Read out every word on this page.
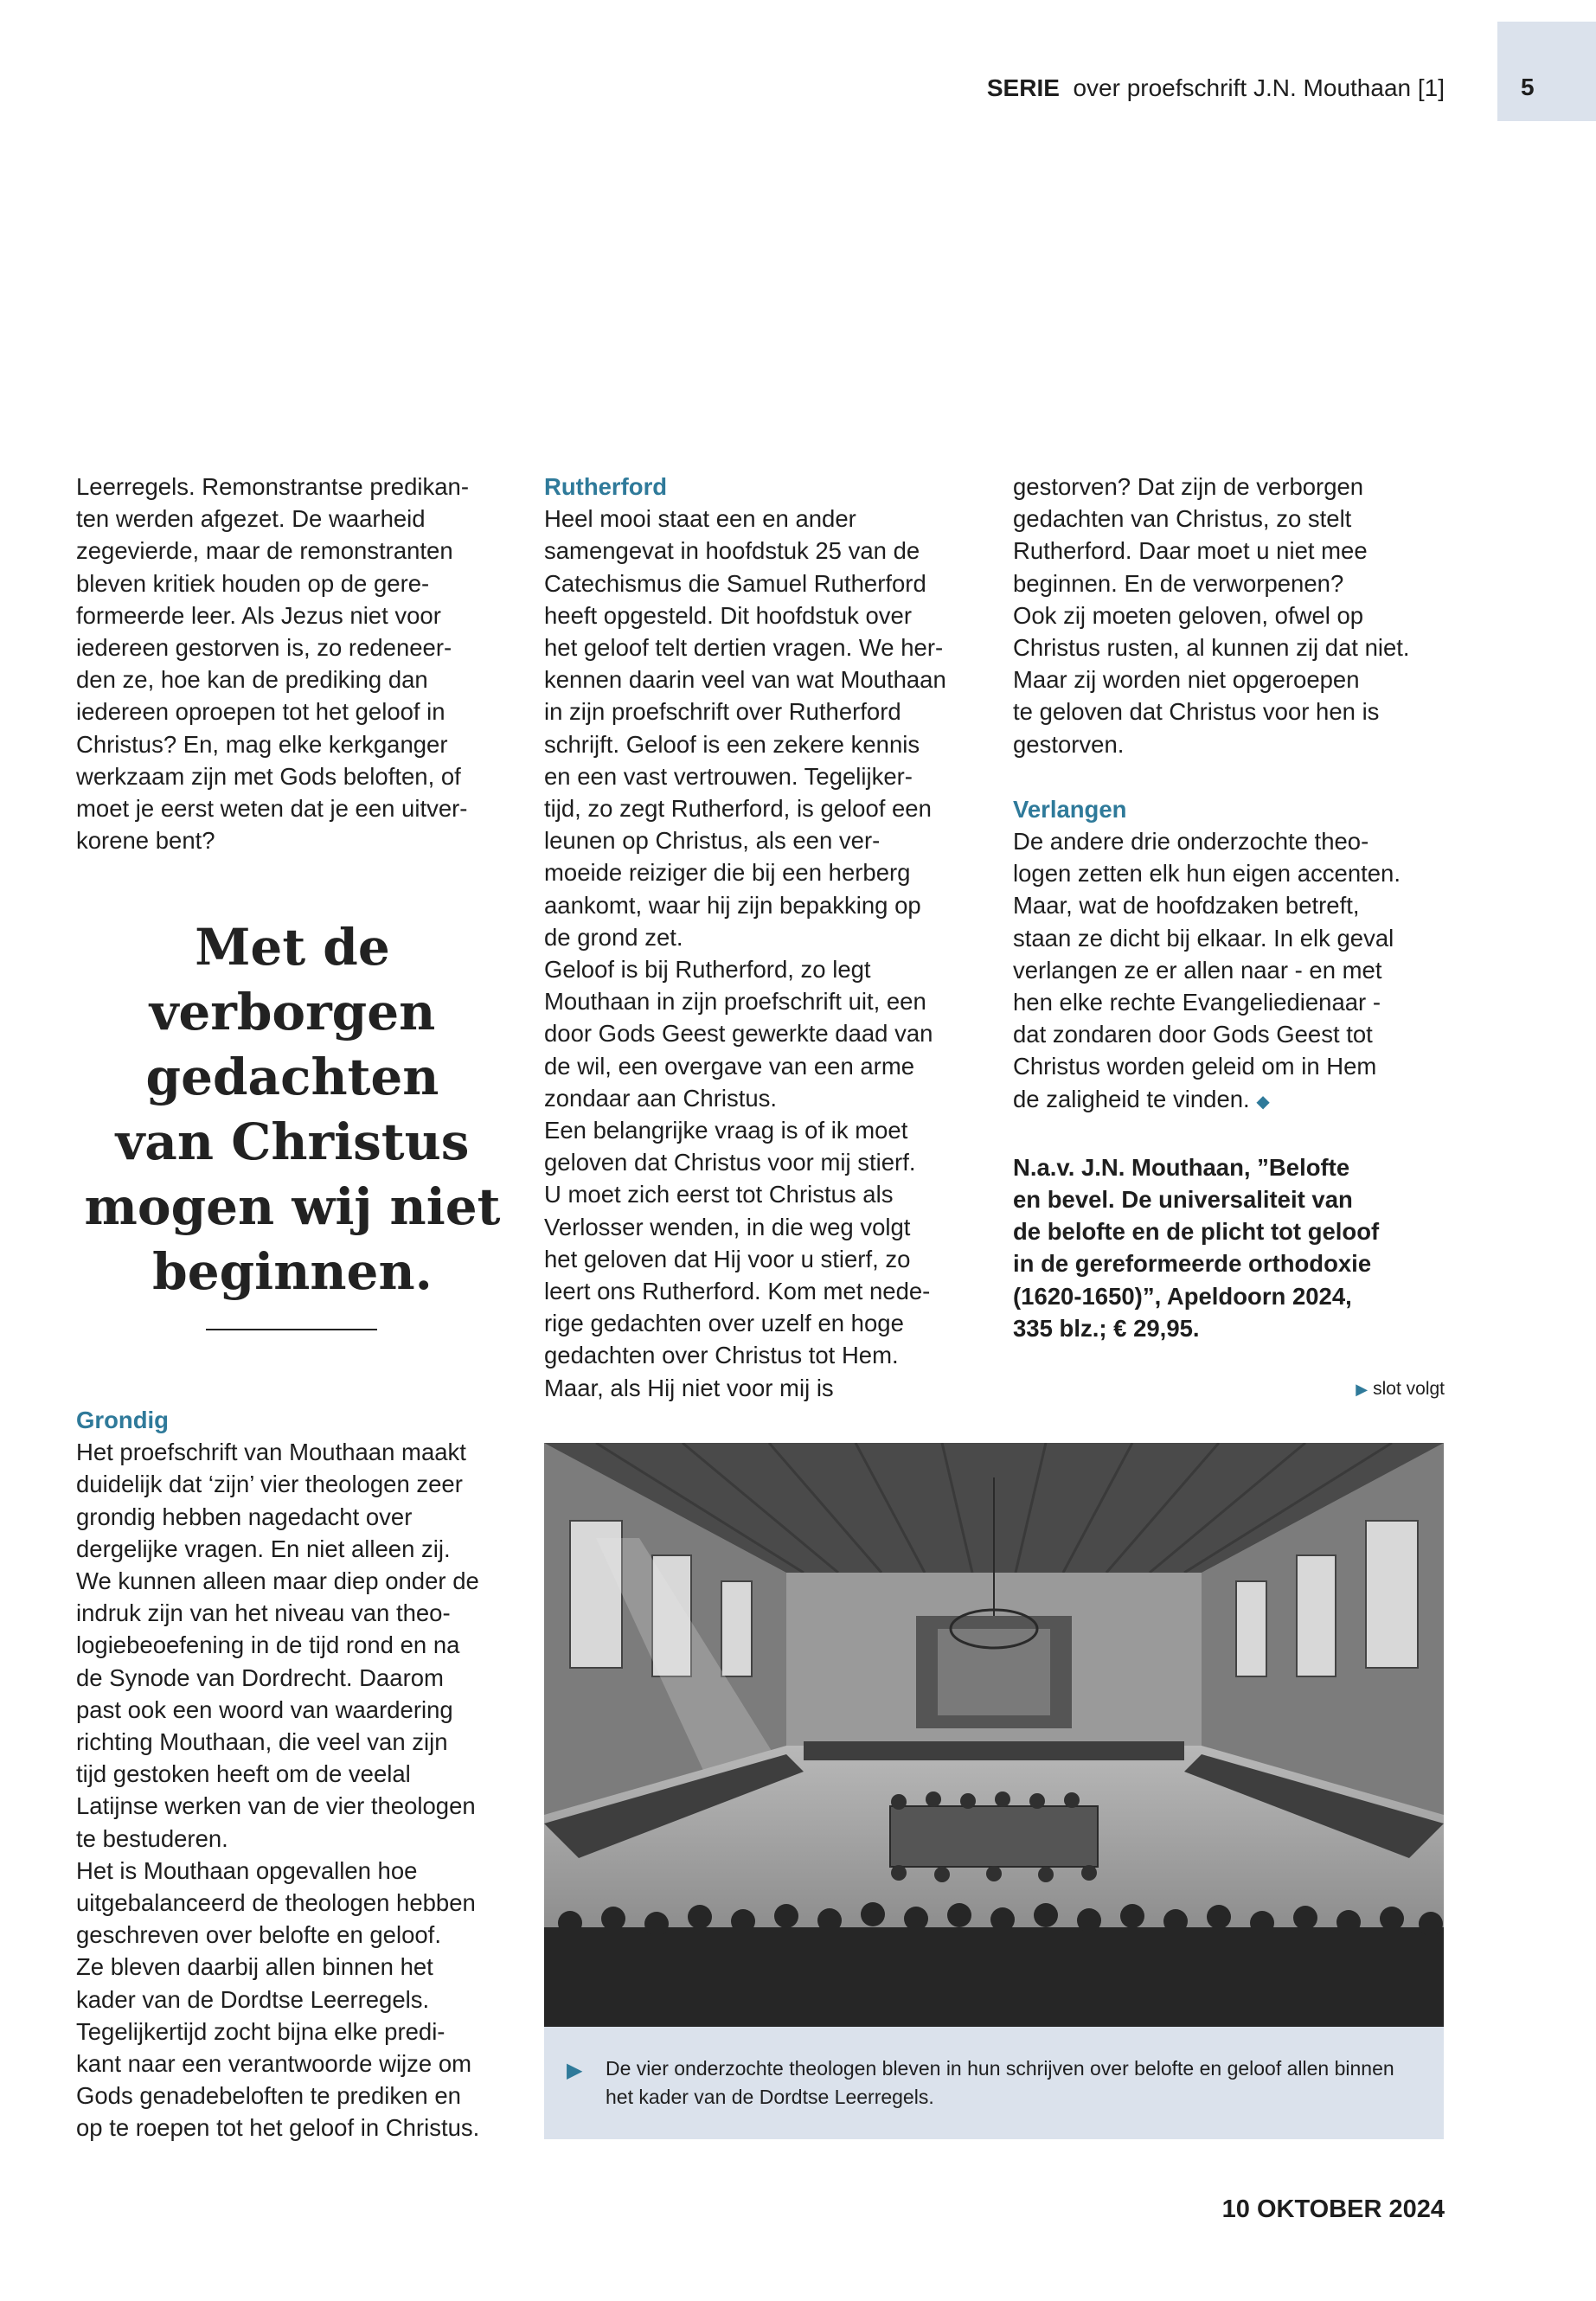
SERIE over proefschrift J.N. Mouthaan [1]	5

Leerregels. Remonstrantse predikan-

ten werden afgezet. De waarheid

zegevierde, maar de remonstranten

bleven kritiek houden op de gere-

formeerde leer. Als Jezus niet voor

iedereen gestorven is, zo redeneer-

den ze, hoe kan de prediking dan

iedereen oproepen tot het geloof in

Christus? En, mag elke kerkganger

werkzaam zijn met Gods beloften, of

moet je eerst weten dat je een uitver-

korene bent?

Met de
verborgen
gedachten
van Christus
mogen wij niet
beginnen.

Grondig

Het proefschrift van Mouthaan maakt

duidelijk dat ‘zijn’ vier theologen zeer

grondig hebben nagedacht over

dergelijke vragen. En niet alleen zij.

We kunnen alleen maar diep onder de

indruk zijn van het niveau van theo-

logiebeoefening in de tijd rond en na

de Synode van Dordrecht. Daarom

past ook een woord van waardering

richting Mouthaan, die veel van zijn

tijd gestoken heeft om de veelal

Latijnse werken van de vier theologen

te bestuderen.

Het is Mouthaan opgevallen hoe

uitgebalanceerd de theologen hebben

geschreven over belofte en geloof.

Ze bleven daarbij allen binnen het

kader van de Dordtse Leerregels.

Tegelijkertijd zocht bijna elke predi-

kant naar een verantwoorde wijze om

Gods genadebeloften te prediken en

op te roepen tot het geloof in Christus.

Rutherford

Heel mooi staat een en ander

samengevat in hoofdstuk 25 van de

Catechismus die Samuel Rutherford

heeft opgesteld. Dit hoofdstuk over

het geloof telt dertien vragen. We her-

kennen daarin veel van wat Mouthaan

in zijn proefschrift over Rutherford

schrijft. Geloof is een zekere kennis

en een vast vertrouwen. Tegelijker-

tijd, zo zegt Rutherford, is geloof een

leunen op Christus, als een ver-

moeide reiziger die bij een herberg

aankomt, waar hij zijn bepakking op

de grond zet.

Geloof is bij Rutherford, zo legt

Mouthaan in zijn proefschrift uit, een

door Gods Geest gewerkte daad van

de wil, een overgave van een arme

zondaar aan Christus.

Een belangrijke vraag is of ik moet

geloven dat Christus voor mij stierf.

U moet zich eerst tot Christus als

Verlosser wenden, in die weg volgt

het geloven dat Hij voor u stierf, zo

leert ons Rutherford. Kom met nede-

rige gedachten over uzelf en hoge

gedachten over Christus tot Hem.

Maar, als Hij niet voor mij is

gestorven? Dat zijn de verborgen

gedachten van Christus, zo stelt

Rutherford. Daar moet u niet mee

beginnen. En de verworpenen?

Ook zij moeten geloven, ofwel op

Christus rusten, al kunnen zij dat niet.

Maar zij worden niet opgeroepen

te geloven dat Christus voor hen is

gestorven.

Verlangen

De andere drie onderzochte theo-

logen zetten elk hun eigen accenten.

Maar, wat de hoofdzaken betreft,

staan ze dicht bij elkaar. In elk geval

verlangen ze er allen naar - en met

hen elke rechte Evangeliedienaar -

dat zondaren door Gods Geest tot

Christus worden geleid om in Hem

de zaligheid te vinden. ◆

N.a.v. J.N. Mouthaan, ”Belofte

en bevel. De universaliteit van

de belofte en de plicht tot geloof

in de gereformeerde orthodoxie

(1620-1650)”, Apeldoorn 2024,

335 blz.; € 29,95.

▶ slot volgt
▶ De vier onderzochte theologen bleven in hun schrijven over belofte en geloof allen binnen het kader van de Dordtse Leerregels.
10 OKTOBER 2024
